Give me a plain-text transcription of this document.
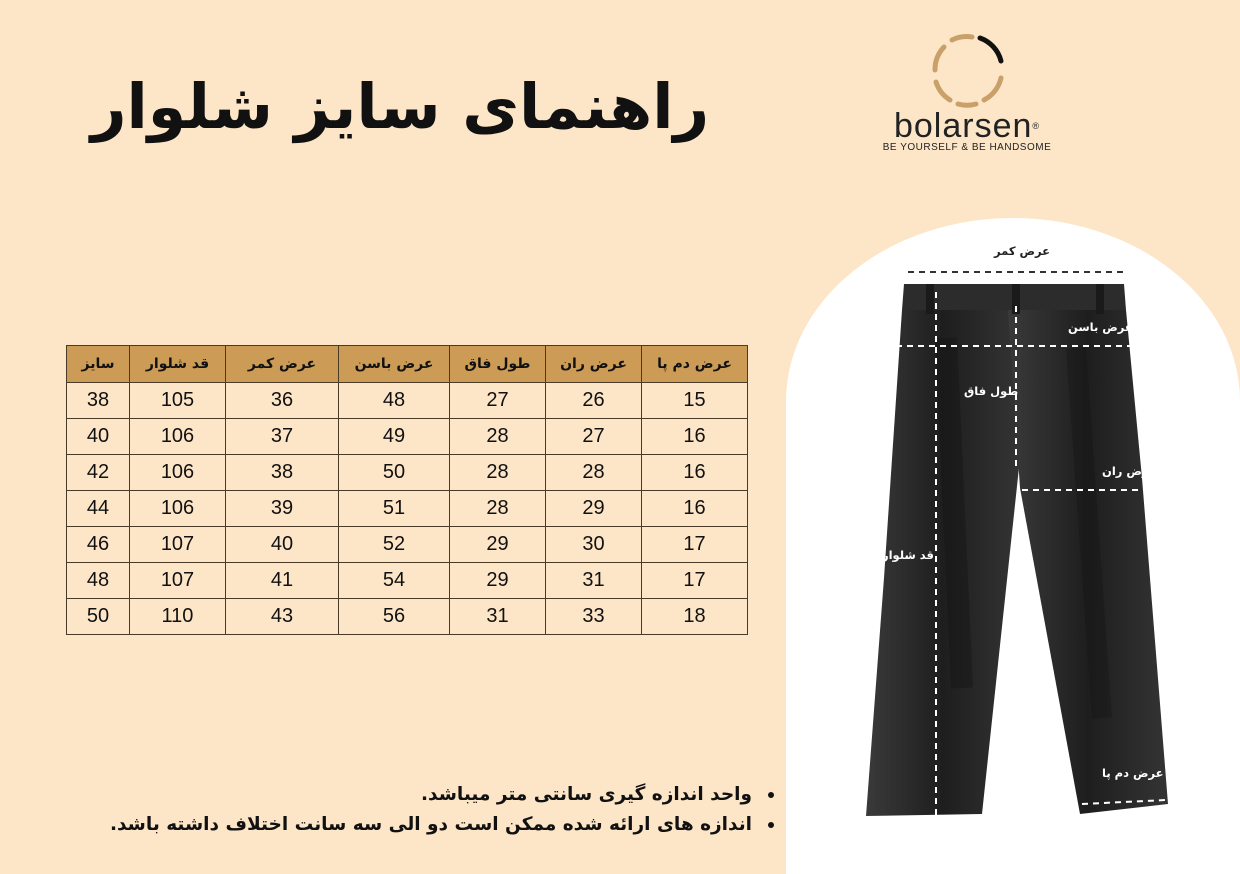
راهنمای سایز شلوار	bolarsen®
BE YOURSELF & BE HANDSOME
عرض دم پا	عرض ران	طول فاق	عرض باسن	عرض کمر	قد شلوار	سایز
15	26	27	48	36	105	38
16	27	28	49	37	106	40
16	28	28	50	38	106	42
16	29	28	51	39	106	44
17	30	29	52	40	107	46
17	31	29	54	41	107	48
18	33	31	56	43	110	50
واحد اندازه گیری سانتی متر میباشد.
اندازه های ارائه شده ممکن است دو الی سه سانت اختلاف داشته باشد.
عرض کمر
عرض باسن
طول فاق
عرض ران
قد شلوار
عرض دم پا
